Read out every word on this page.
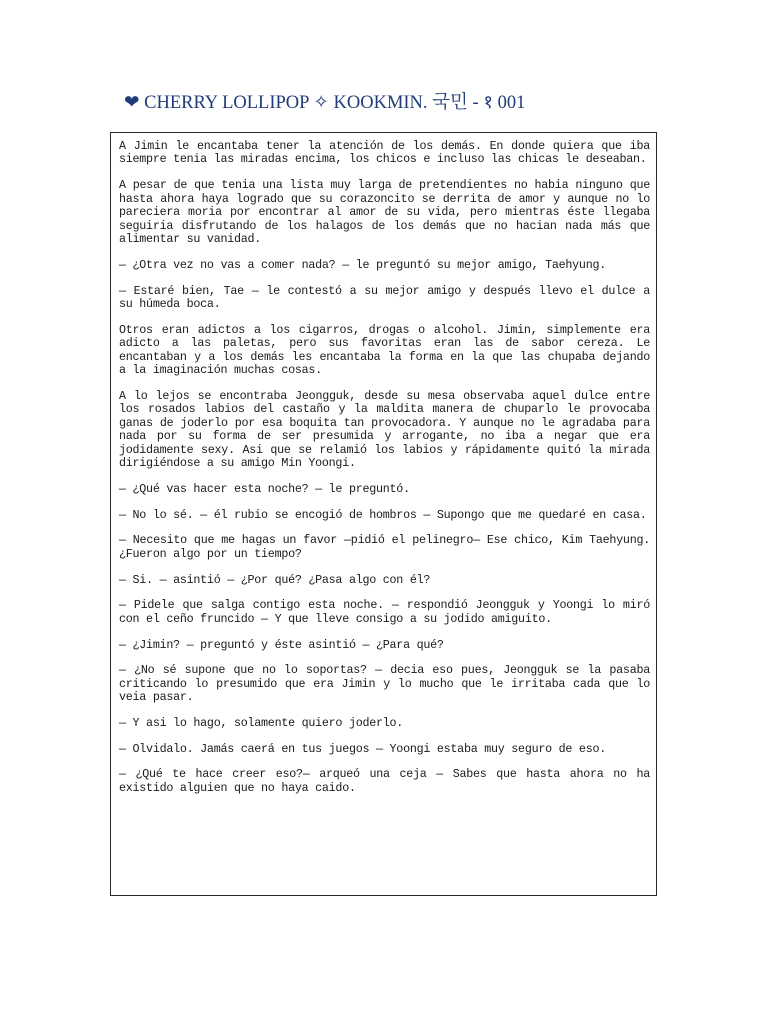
❤ CHERRY LOLLIPOP ✧ KOOKMIN. 국민 - १ 001

A Jimin le encantaba tener la atención de los demás. En donde quiera que iba siempre tenia las miradas encima, los chicos e incluso las chicas le deseaban.

A pesar de que tenia una lista muy larga de pretendientes no habia ninguno que hasta ahora haya logrado que su corazoncito se derrita de amor y aunque no lo pareciera moria por encontrar al amor de su vida, pero mientras éste llegaba seguiria disfrutando de los halagos de los demás que no hacian nada más que alimentar su vanidad.

— ¿Otra vez no vas a comer nada? — le preguntó su mejor amigo, Taehyung.

— Estaré bien, Tae — le contestó a su mejor amigo y después llevo el dulce a su húmeda boca.

Otros eran adictos a los cigarros, drogas o alcohol. Jimin, simplemente era adicto a las paletas, pero sus favoritas eran las de sabor cereza. Le encantaban y a los demás les encantaba la forma en la que las chupaba dejando a la imaginación muchas cosas.

A lo lejos se encontraba Jeongguk, desde su mesa observaba aquel dulce entre los rosados labios del castaño y la maldita manera de chuparlo le provocaba ganas de joderlo por esa boquita tan provocadora. Y aunque no le agradaba para nada por su forma de ser presumida y arrogante, no iba a negar que era jodidamente sexy. Asi que se relamió los labios y rápidamente quitó la mirada dirigiéndose a su amigo Min Yoongi.

— ¿Qué vas hacer esta noche? — le preguntó.

— No lo sé. — él rubio se encogió de hombros — Supongo que me quedaré en casa.

— Necesito que me hagas un favor —pidió el pelinegro— Ese chico, Kim Taehyung. ¿Fueron algo por un tiempo?

— Si. — asintió — ¿Por qué? ¿Pasa algo con él?

— Pidele que salga contigo esta noche. — respondió Jeongguk y Yoongi lo miró con el ceño fruncido — Y que lleve consigo a su jodido amiguito.

— ¿Jimin? — preguntó y éste asintió — ¿Para qué?

— ¿No sé supone que no lo soportas? — decia eso pues, Jeongguk se la pasaba criticando lo presumido que era Jimin y lo mucho que le irritaba cada que lo veia pasar.

— Y asi lo hago, solamente quiero joderlo.

— Olvidalo. Jamás caerá en tus juegos — Yoongi estaba muy seguro de eso.

— ¿Qué te hace creer eso?— arqueó una ceja — Sabes que hasta ahora no ha existido alguien que no haya caido.
